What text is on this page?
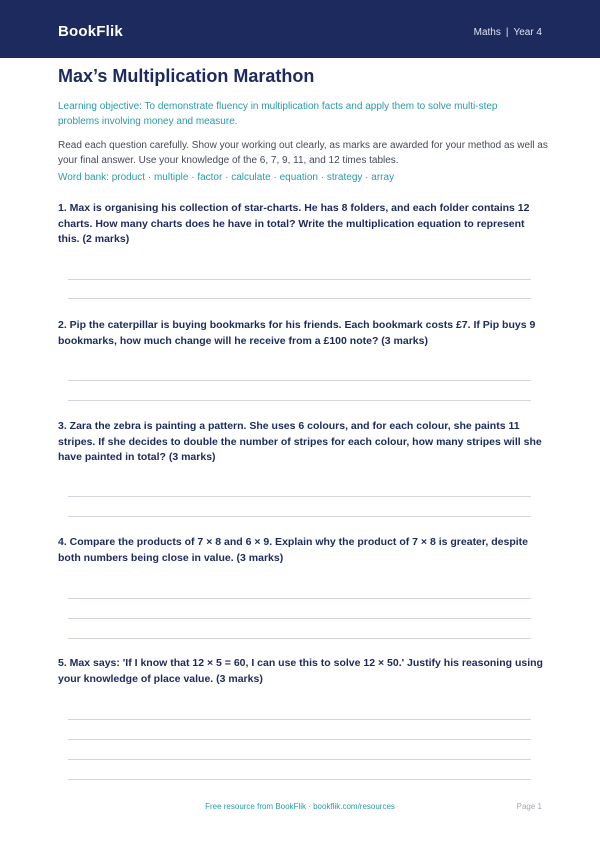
BookFlik	Maths | Year 4
Max’s Multiplication Marathon
Learning objective: To demonstrate fluency in multiplication facts and apply them to solve multi-step problems involving money and measure.
Read each question carefully. Show your working out clearly, as marks are awarded for your method as well as your final answer. Use your knowledge of the 6, 7, 9, 11, and 12 times tables.
Word bank: product · multiple · factor · calculate · equation · strategy · array
1. Max is organising his collection of star-charts. He has 8 folders, and each folder contains 12 charts. How many charts does he have in total? Write the multiplication equation to represent this. (2 marks)
2. Pip the caterpillar is buying bookmarks for his friends. Each bookmark costs £7. If Pip buys 9 bookmarks, how much change will he receive from a £100 note? (3 marks)
3. Zara the zebra is painting a pattern. She uses 6 colours, and for each colour, she paints 11 stripes. If she decides to double the number of stripes for each colour, how many stripes will she have painted in total? (3 marks)
4. Compare the products of 7 × 8 and 6 × 9. Explain why the product of 7 × 8 is greater, despite both numbers being close in value. (3 marks)
5. Max says: 'If I know that 12 × 5 = 60, I can use this to solve 12 × 50.' Justify his reasoning using your knowledge of place value. (3 marks)
Free resource from BookFlik · bookflik.com/resources	Page 1
